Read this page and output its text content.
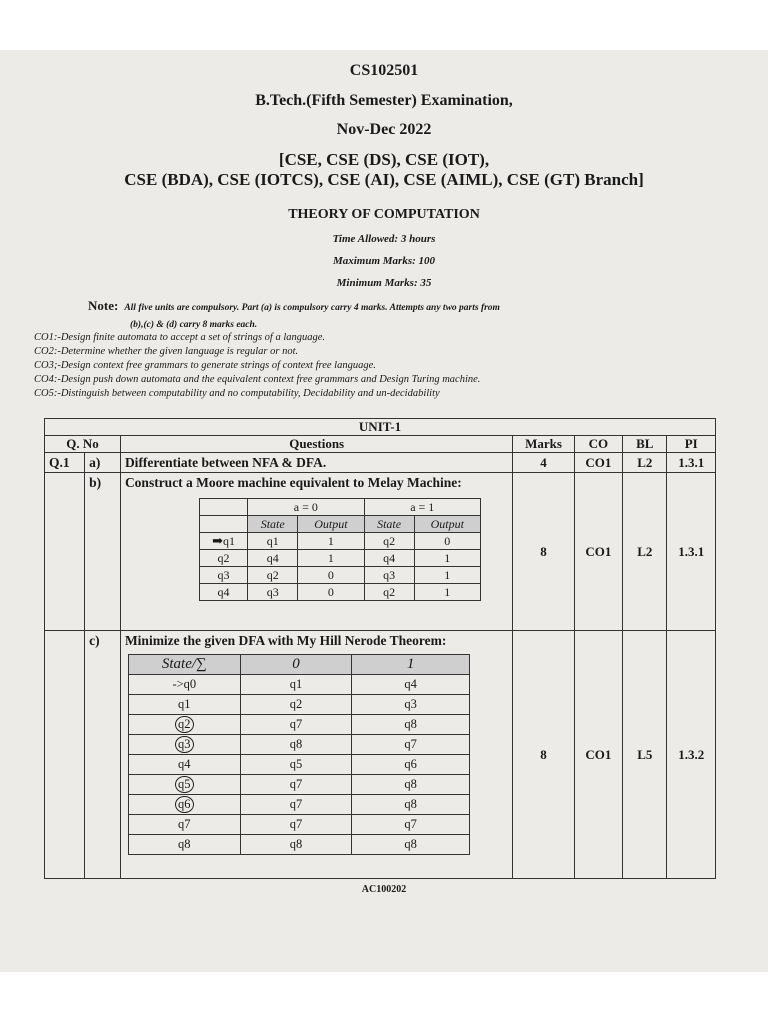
CS102501
B.Tech.(Fifth Semester) Examination,
Nov-Dec 2022
[CSE, CSE (DS), CSE (IOT),
CSE (BDA), CSE (IOTCS), CSE (AI), CSE (AIML), CSE (GT) Branch]
THEORY OF COMPUTATION
Time Allowed: 3 hours
Maximum Marks: 100
Minimum Marks: 35
Note: All five units are compulsory. Part (a) is compulsory carry 4 marks. Attempts any two parts from
(b),(c) & (d) carry 8 marks each.
CO1:-Design finite automata to accept a set of strings of a language.
CO2:-Determine whether the given language is regular or not.
CO3;-Design context free grammars to generate strings of context free language.
CO4:-Design push down automata and the equivalent context free grammars and Design Turing machine.
CO5:-Distinguish between computability and no computability, Decidability and un-decidability
UNIT-1
Q. No	Questions	Marks	CO	BL	PI
Q.1	a)	Differentiate between NFA & DFA.	4	CO1	L2	1.3.1
	b)	Construct a Moore machine equivalent to Melay Machine:
	a = 0	a = 1
	State	Output	State	Output
➡q1	q1	1	q2	0
q2	q4	1	q4	1
q3	q2	0	q3	1
q4	q3	0	q2	1
	8	CO1	L2	1.3.1
	c)	Minimize the given DFA with My Hill Nerode Theorem:
State/∑	0	1
->q0	q1	q4
q1	q2	q3
q2	q7	q8
q3	q8	q7
q4	q5	q6
q5	q7	q8
q6	q7	q8
q7	q7	q7
q8	q8	q8
	8	CO1	L5	1.3.2
AC100202
